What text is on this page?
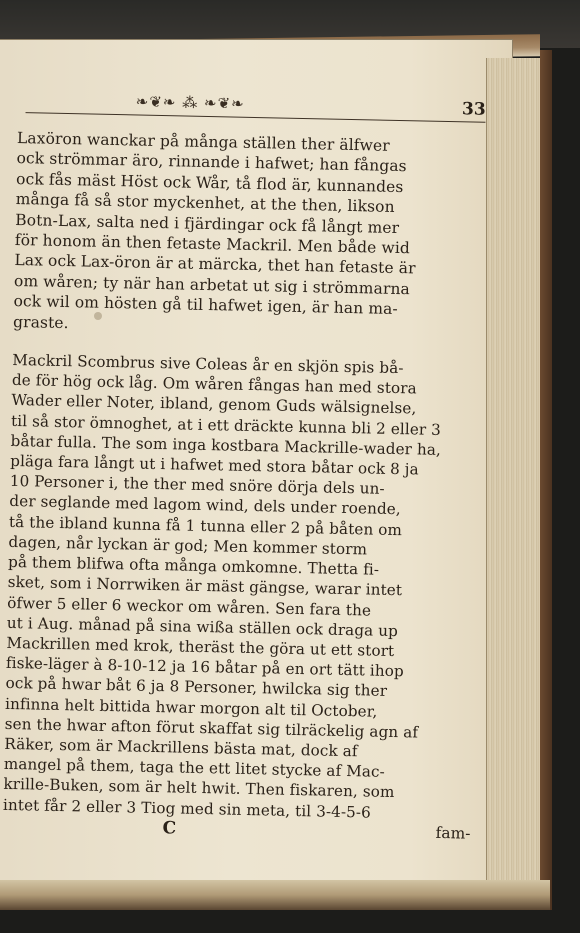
❧❦❧ ⁂ ❧❦❧	33

Laxöron wanckar på många ställen ther älfwer

ock strömmar äro, rinnande i hafwet; han fångas

ock fås mäst Höst ock Wår, tå flod är, kunnandes

många få så stor myckenhet, at the then, likson

Botn-Lax, salta ned i fjärdingar ock få långt mer

för honom än then fetaste Mackril. Men både wid

Lax ock Lax-öron är at märcka, thet han fetaste är

om wåren; ty när han arbetat ut sig i strömmarna

ock wil om hösten gå til hafwet igen, är han ma-

graste.

Mackril Scombrus sive Coleas år en skjön spis bå-

de för hög ock låg. Om wåren fångas han med stora

Wader eller Noter, ibland, genom Guds wälsignelse,

til så stor ömnoghet, at i ett dräckte kunna bli 2 eller 3

båtar fulla. The som inga kostbara Mackrille-wader ha,

pläga fara långt ut i hafwet med stora båtar ock 8 ja

10 Personer i, the ther med snöre dörja dels un-

der seglande med lagom wind, dels under roende,

tå the ibland kunna få 1 tunna eller 2 på båten om

dagen, når lyckan är god; Men kommer storm

på them blifwa ofta många omkomne. Thetta fi-

sket, som i Norrwiken är mäst gängse, warar intet

öfwer 5 eller 6 weckor om wåren. Sen fara the

ut i Aug. månad på sina wißa ställen ock draga up

Mackrillen med krok, theräst the göra ut ett stort

fiske-läger à 8-10-12 ja 16 båtar på en ort tätt ihop

ock på hwar båt 6 ja 8 Personer, hwilcka sig ther

infinna helt bittida hwar morgon alt til October,

sen the hwar afton förut skaffat sig tilräckelig agn af

Räker, som är Mackrillens bästa mat, dock af

mangel på them, taga the ett litet stycke af Mac-

krille-Buken, som är helt hwit. Then fiskaren, som

intet får 2 eller 3 Tiog med sin meta, til 3-4-5-6

C	fam-
